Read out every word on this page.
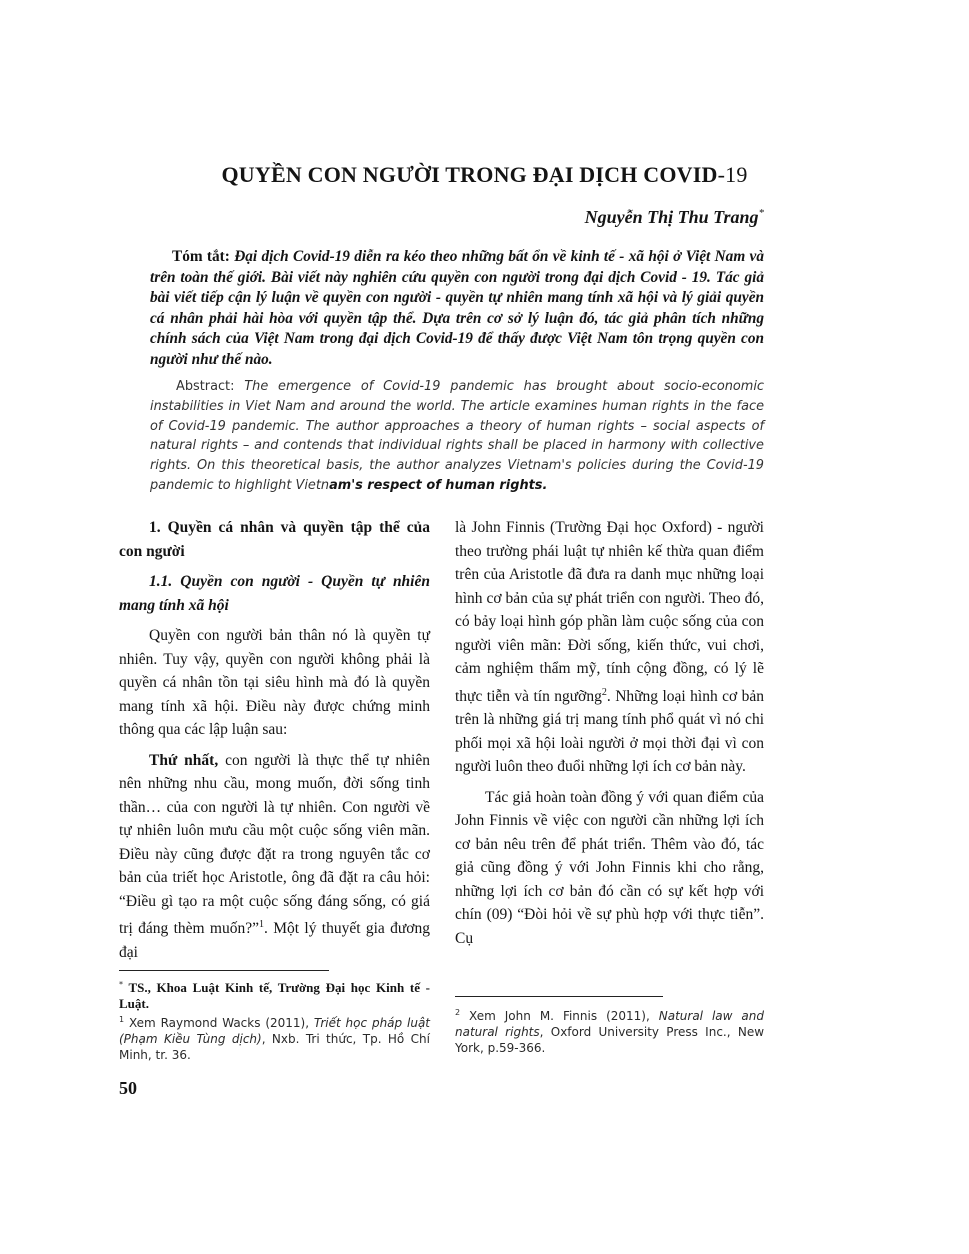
QUYỀN CON NGƯỜI TRONG ĐẠI DỊCH COVID-19
Nguyễn Thị Thu Trang*
Tóm tắt: Đại dịch Covid-19 diễn ra kéo theo những bất ổn về kinh tế - xã hội ở Việt Nam và trên toàn thế giới. Bài viết này nghiên cứu quyền con người trong đại dịch Covid - 19. Tác giả bài viết tiếp cận lý luận về quyền con người - quyền tự nhiên mang tính xã hội và lý giải quyền cá nhân phải hài hòa với quyền tập thể. Dựa trên cơ sở lý luận đó, tác giả phân tích những chính sách của Việt Nam trong đại dịch Covid-19 để thấy được Việt Nam tôn trọng quyền con người như thế nào.
Abstract: The emergence of Covid-19 pandemic has brought about socio-economic instabilities in Viet Nam and around the world. The article examines human rights in the face of Covid-19 pandemic. The author approaches a theory of human rights – social aspects of natural rights – and contends that individual rights shall be placed in harmony with collective rights. On this theoretical basis, the author analyzes Vietnam's policies during the Covid-19 pandemic to highlight Vietnam's respect of human rights.

1. Quyền cá nhân và quyền tập thể của con người

1.1. Quyền con người - Quyền tự nhiên mang tính xã hội

Quyền con người bản thân nó là quyền tự nhiên. Tuy vậy, quyền con người không phải là quyền cá nhân tồn tại siêu hình mà đó là quyền mang tính xã hội. Điều này được chứng minh thông qua các lập luận sau:

Thứ nhất, con người là thực thể tự nhiên nên những nhu cầu, mong muốn, đời sống tinh thần… của con người là tự nhiên. Con người về tự nhiên luôn mưu cầu một cuộc sống viên mãn. Điều này cũng được đặt ra trong nguyên tắc cơ bản của triết học Aristotle, ông đã đặt ra câu hỏi: “Điều gì tạo ra một cuộc sống đáng sống, có giá trị đáng thèm muốn?”$^1$. Một lý thuyết gia đương đại

là John Finnis (Trường Đại học Oxford) - người theo trường phái luật tự nhiên kế thừa quan điểm trên của Aristotle đã đưa ra danh mục những loại hình cơ bản của sự phát triển con người. Theo đó, có bảy loại hình góp phần làm cuộc sống của con người viên mãn: Đời sống, kiến thức, vui chơi, cảm nghiệm thẩm mỹ, tính cộng đồng, có lý lẽ thực tiễn và tín ngưỡng$^2$. Những loại hình cơ bản trên là những giá trị mang tính phổ quát vì nó chi phối mọi xã hội loài người ở mọi thời đại vì con người luôn theo đuổi những lợi ích cơ bản này.

Tác giả hoàn toàn đồng ý với quan điểm của John Finnis về việc con người cần những lợi ích cơ bản nêu trên để phát triển. Thêm vào đó, tác giả cũng đồng ý với John Finnis khi cho rằng, những lợi ích cơ bản đó cần có sự kết hợp với chín (09) “Đòi hỏi về sự phù hợp với thực tiễn”. Cụ

* TS., Khoa Luật Kinh tế, Trường Đại học Kinh tế - Luật.
$^1$ Xem Raymond Wacks (2011), Triết học pháp luật (Phạm Kiều Tùng dịch), Nxb. Tri thức, Tp. Hồ Chí Minh, tr. 36.
$^2$ Xem John M. Finnis (2011), Natural law and natural rights, Oxford University Press Inc., New York, p.59-366.
50
